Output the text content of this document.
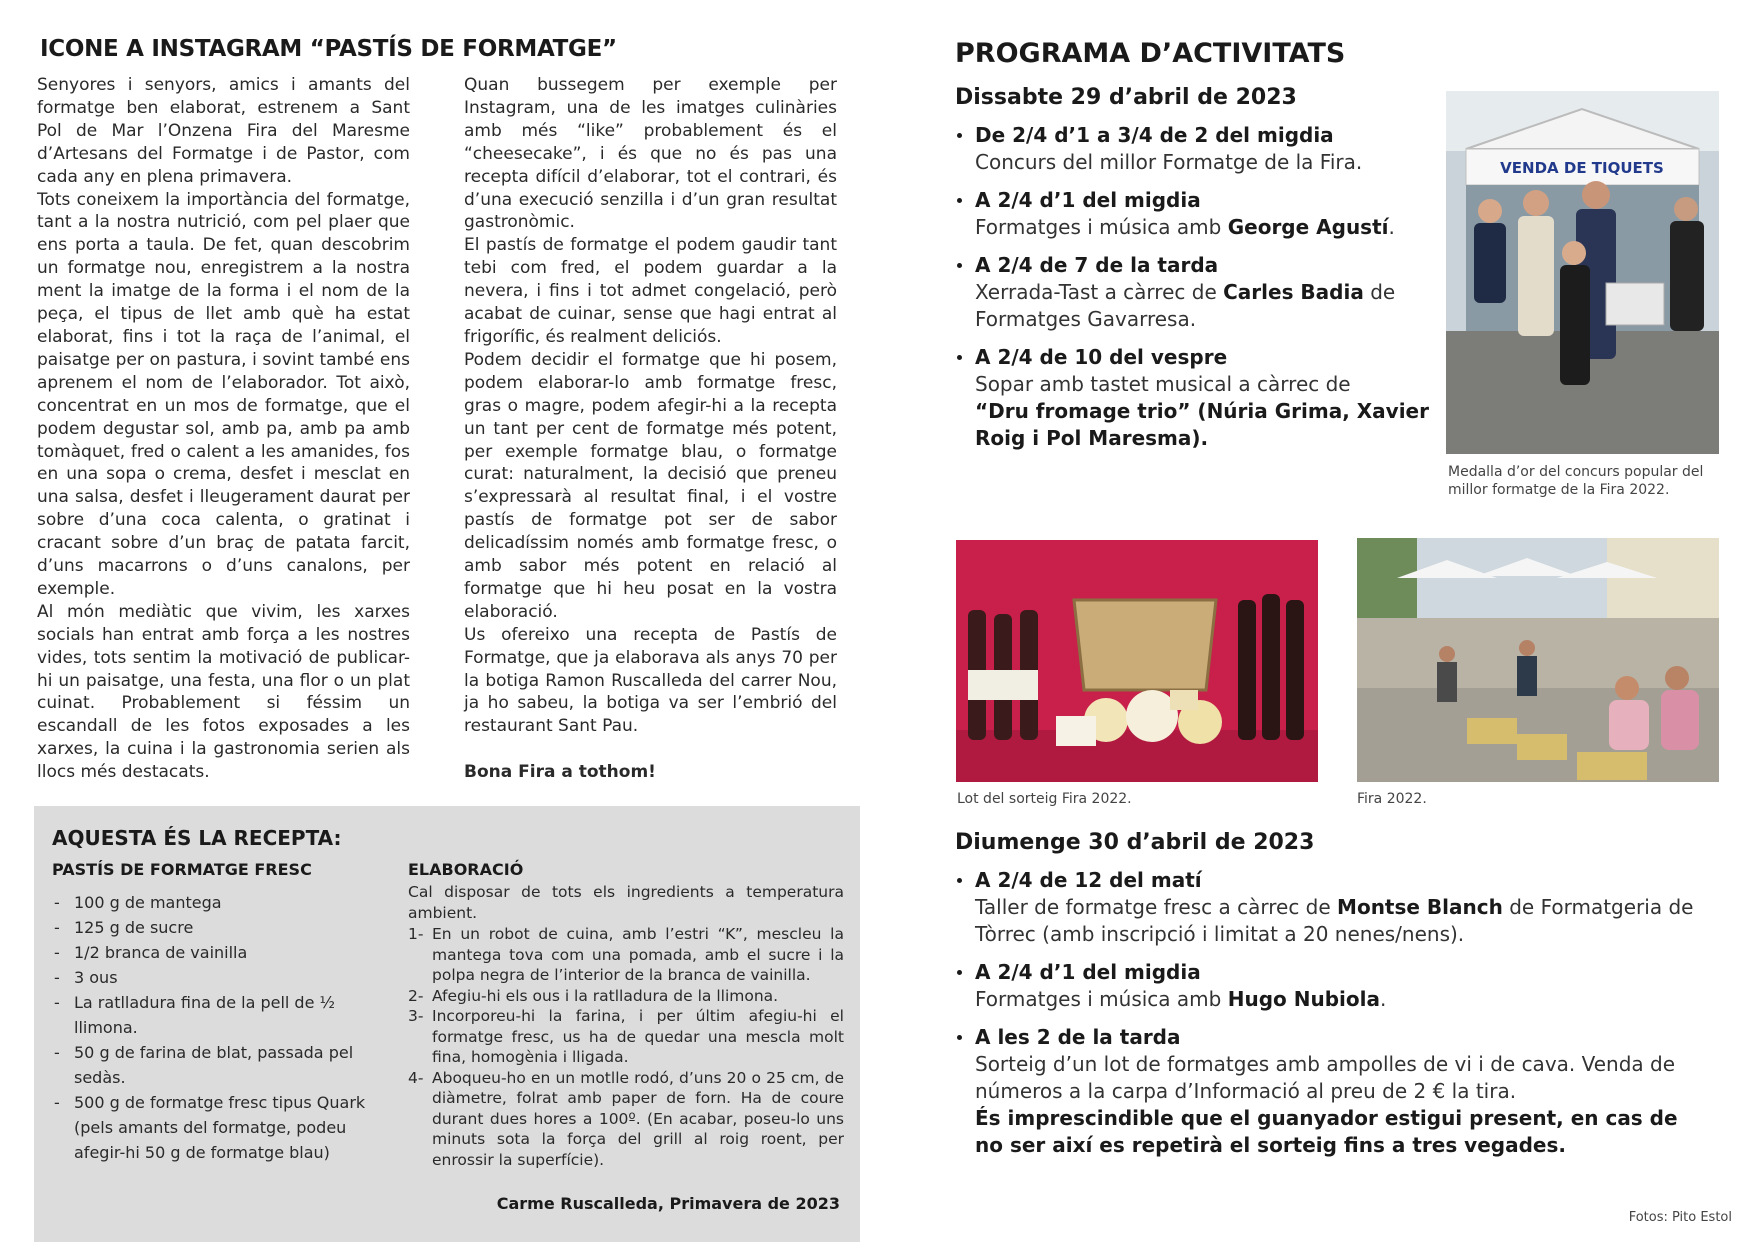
ICONE A INSTAGRAM “PASTÍS DE FORMATGE”

Senyores i senyors, amics i amants del formatge ben elaborat, estrenem a Sant Pol de Mar l’Onzena Fira del Maresme d’Artesans del Formatge i de Pastor, com cada any en plena primavera.

Tots coneixem la importància del formatge, tant a la nostra nutrició, com pel plaer que ens porta a taula. De fet, quan descobrim un formatge nou, enregistrem a la nostra ment la imatge de la forma i el nom de la peça, el tipus de llet amb què ha estat elaborat, fins i tot la raça de l’animal, el paisatge per on pastura, i sovint també ens aprenem el nom de l’elaborador. Tot això, concentrat en un mos de formatge, que el podem degustar sol, amb pa, amb pa amb tomàquet, fred o calent a les amanides, fos en una sopa o crema, desfet i mesclat en una salsa, desfet i lleugerament daurat per sobre d’una coca calenta, o gratinat i cracant sobre d’un braç de patata farcit, d’uns macarrons o d’uns canalons, per exemple.

Al món mediàtic que vivim, les xarxes socials han entrat amb força a les nostres vides, tots sentim la motivació de publicar-hi un paisatge, una festa, una flor o un plat cuinat. Probablement si féssim un escandall de les fotos exposades a les xarxes, la cuina i la gastronomia serien als llocs més destacats.

Quan bussegem per exemple per Instagram, una de les imatges culinàries amb més “like” probablement és el “cheesecake”, i és que no és pas una recepta difícil d’elaborar, tot el contrari, és d’una execució senzilla i d’un gran resultat gastronòmic.

El pastís de formatge el podem gaudir tant tebi com fred, el podem guardar a la nevera, i fins i tot admet congelació, però acabat de cuinar, sense que hagi entrat al frigorífic, és realment deliciós.

Podem decidir el formatge que hi posem, podem elaborar-lo amb formatge fresc, gras o magre, podem afegir-hi a la recepta un tant per cent de formatge més potent, per exemple formatge blau, o formatge curat: naturalment, la decisió que preneu s’expressarà al resultat final, i el vostre pastís de formatge pot ser de sabor delicadíssim només amb formatge fresc, o amb sabor més potent en relació al formatge que hi heu posat en la vostra elaboració.

Us ofereixo una recepta de Pastís de Formatge, que ja elaborava als anys 70 per la botiga Ramon Ruscalleda del carrer Nou, ja ho sabeu, la botiga va ser l’embrió del restaurant Sant Pau.

Bona Fira a tothom!

AQUESTA ÉS LA RECEPTA:
PASTÍS DE FORMATGE FRESC
- 100 g de mantega
- 125 g de sucre
- 1/2 branca de vainilla
- 3 ous
- La ratlladura fina de la pell de ½ llimona.
- 50 g de farina de blat, passada pel sedàs.
- 500 g de formatge fresc tipus Quark (pels amants del formatge, podeu afegir-hi 50 g de formatge blau)
ELABORACIÓ
Cal disposar de tots els ingredients a temperatura ambient.
1- En un robot de cuina, amb l’estri “K”, mescleu la mantega tova com una pomada, amb el sucre i la polpa negra de l’interior de la branca de vainilla.
2- Afegiu-hi els ous i la ratlladura de la llimona.
3- Incorporeu-hi la farina, i per últim afegiu-hi el formatge fresc, us ha de quedar una mescla molt fina, homogènia i lligada.
4- Aboqueu-ho en un motlle rodó, d’uns 20 o 25 cm, de diàmetre, folrat amb paper de forn. Ha de coure durant dues hores a 100º. (En acabar, poseu-lo uns minuts sota la força del grill al roig roent, per enrossir la superfície).
Carme Ruscalleda, Primavera de 2023
PROGRAMA D’ACTIVITATS
Dissabte 29 d’abril de 2023
De 2/4 d’1 a 3/4 de 2 del migdia
Concurs del millor Formatge de la Fira.
A 2/4 d’1 del migdia
Formatges i música amb George Agustí.
A 2/4 de 7 de la tarda
Xerrada-Tast a càrrec de Carles Badia de Formatges Gavarresa.
A 2/4 de 10 del vespre
Sopar amb tastet musical a càrrec de
“Dru fromage trio” (Núria Grima, Xavier Roig i Pol Maresma).
VENDA DE TIQUETS
Medalla d’or del concurs popular del millor formatge de la Fira 2022.
Lot del sorteig Fira 2022.	Fira 2022.
Diumenge 30 d’abril de 2023
A 2/4 de 12 del matí
Taller de formatge fresc a càrrec de Montse Blanch de Formatgeria de Tòrrec (amb inscripció i limitat a 20 nenes/nens).
A 2/4 d’1 del migdia
Formatges i música amb Hugo Nubiola.
A les 2 de la tarda
Sorteig d’un lot de formatges amb ampolles de vi i de cava. Venda de números a la carpa d’Informació al preu de 2 € la tira.
És imprescindible que el guanyador estigui present, en cas de no ser així es repetirà el sorteig fins a tres vegades.
Fotos: Pito Estol
